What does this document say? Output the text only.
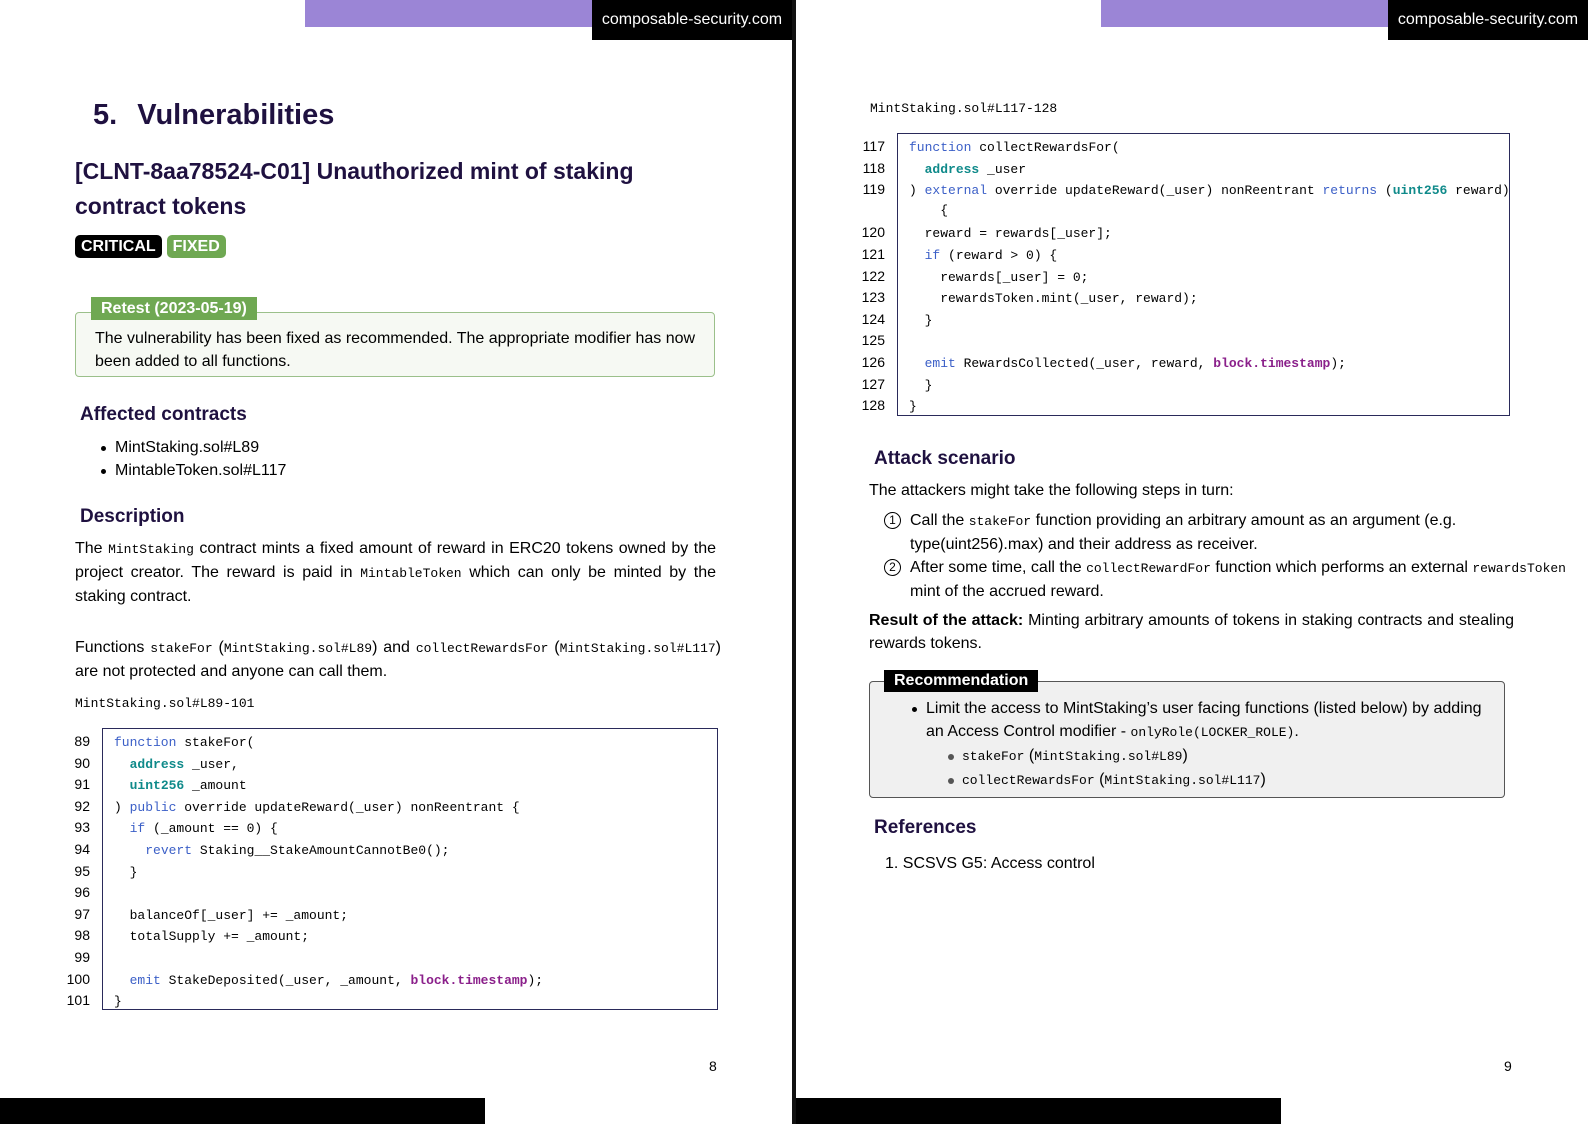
composable-security.com
5. Vulnerabilities
[CLNT-8aa78524-C01] Unauthorized mint of staking contract tokens
CRITICAL	FIXED
Retest (2023-05-19)
The vulnerability has been fixed as recommended. The appropriate modifier has now been added to all functions.
Affected contracts
MintStaking.sol#L89
MintableToken.sol#L117
Description
The MintStaking contract mints a fixed amount of reward in ERC20 tokens owned by the project creator. The reward is paid in MintableToken which can only be minted by the staking contract.
Functions stakeFor (MintStaking.sol#L89) and collectRewardsFor (MintStaking.sol#L117) are not protected and anyone can call them.
MintStaking.sol#L89-101
89 function stakeFor(
90	address _user,
91	uint256 _amount
92 ) public override updateReward(_user) nonReentrant {
93	if (_amount == 0) {
94	revert Staking__StakeAmountCannotBe0();
95  }
96
97  balanceOf[_user] += _amount;
98  totalSupply += _amount;
99
100	emit StakeDeposited(_user, _amount, block.timestamp);
101 }
8
composable-security.com
MintStaking.sol#L117-128
117 function collectRewardsFor(
118	address _user
119 ) external override updateReward(_user) nonReentrant returns (uint256 reward)
{
120  reward = rewards[_user];
121	if (reward > 0) {
122    rewards[_user] = 0;
123    rewardsToken.mint(_user, reward);
124  }
125
126	emit RewardsCollected(_user, reward, block.timestamp);
127  }
128 }
9
Attack scenario
The attackers might take the following steps in turn:
1 Call the stakeFor function providing an arbitrary amount as an argument (e.g. type(uint256).max) and their address as receiver.
2 After some time, call the collectRewardFor function which performs an external rewardsToken mint of the accrued reward.
Result of the attack: Minting arbitrary amounts of tokens in staking contracts and stealing rewards tokens.
Recommendation
Limit the access to MintStaking’s user facing functions (listed below) by adding an Access Control modifier - onlyRole(LOCKER_ROLE).
stakeFor (MintStaking.sol#L89)
collectRewardsFor (MintStaking.sol#L117)
References
1. SCSVS G5: Access control
